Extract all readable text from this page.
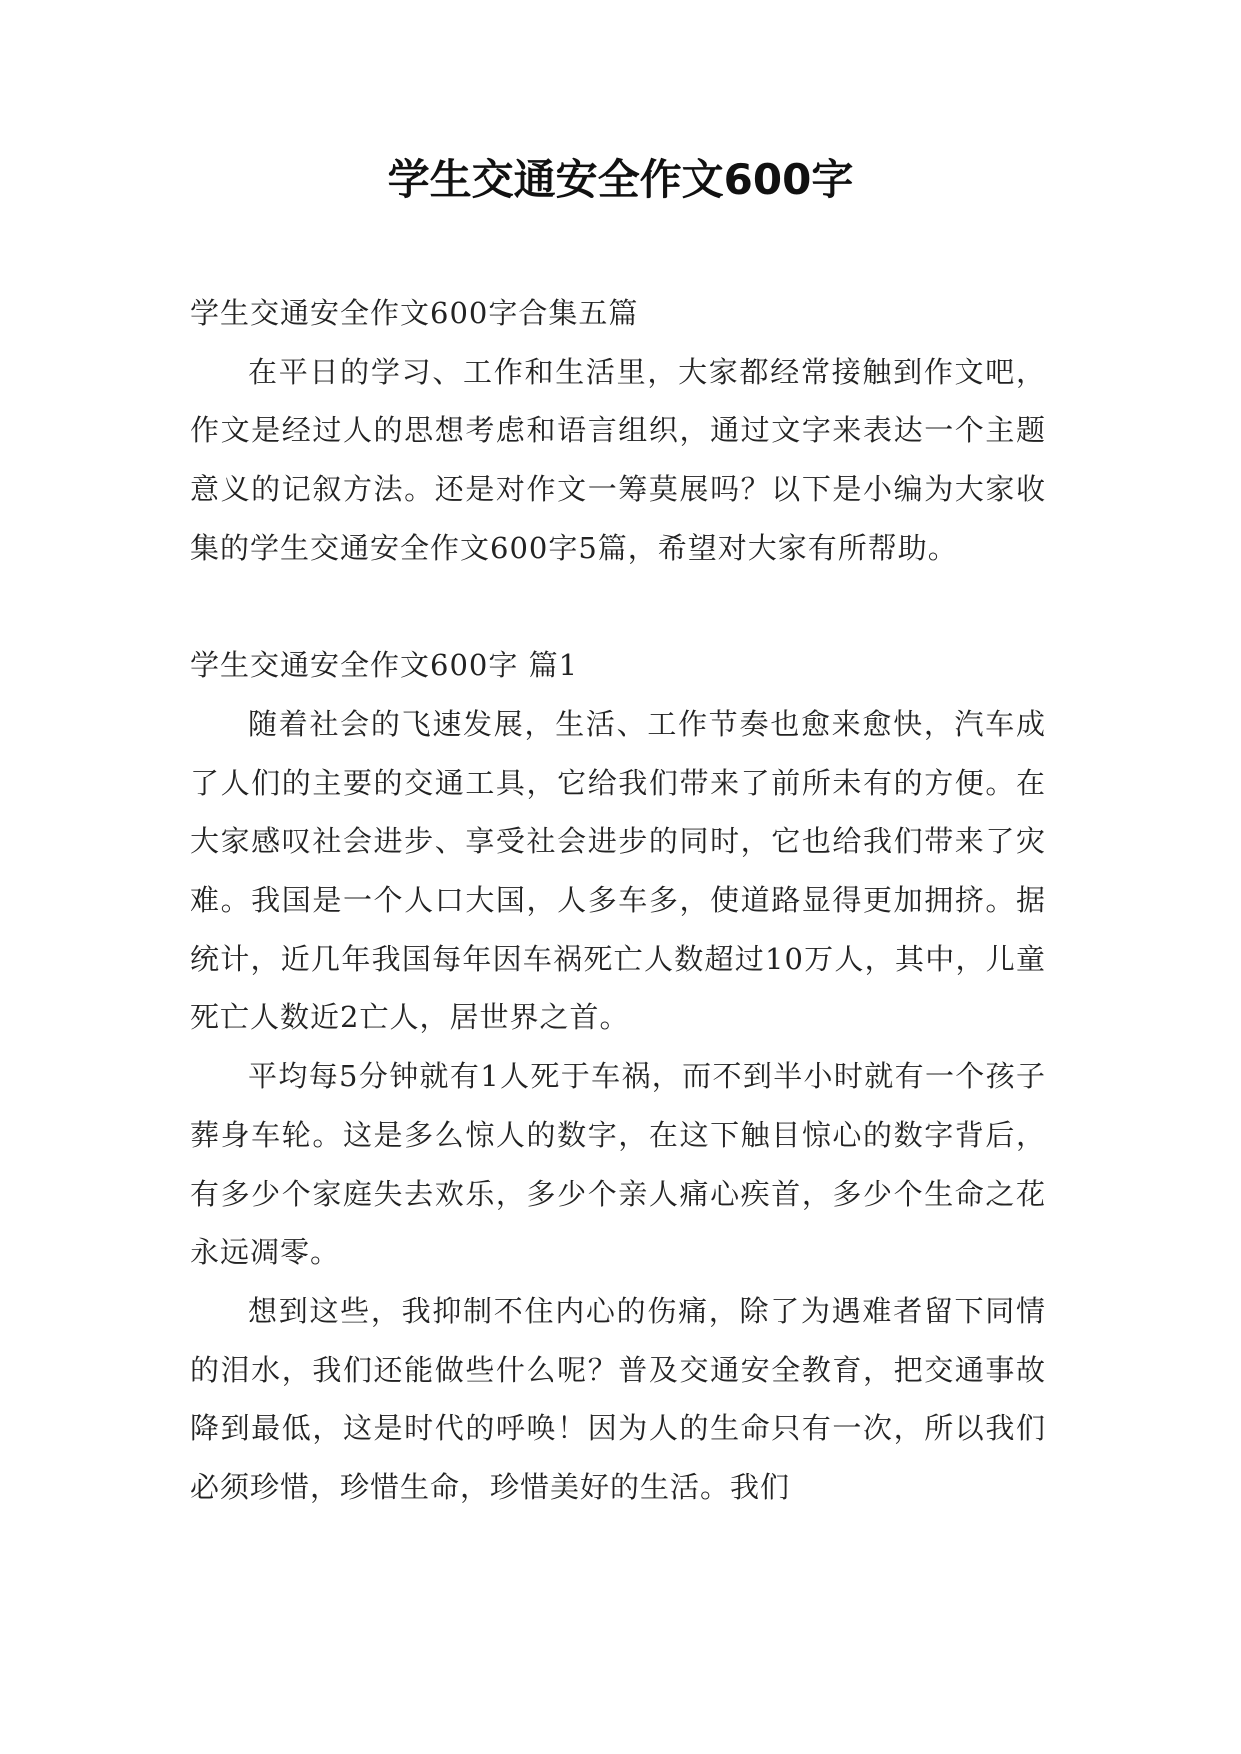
学生交通安全作文600字

学生交通安全作文600字合集五篇

在平日的学习、工作和生活里，大家都经常接触到作文吧，作文是经过人的思想考虑和语言组织，通过文字来表达一个主题意义的记叙方法。还是对作文一筹莫展吗？以下是小编为大家收集的学生交通安全作文600字5篇，希望对大家有所帮助。

学生交通安全作文600字 篇1

随着社会的飞速发展，生活、工作节奏也愈来愈快，汽车成了人们的主要的交通工具，它给我们带来了前所未有的方便。在大家感叹社会进步、享受社会进步的同时，它也给我们带来了灾难。我国是一个人口大国，人多车多，使道路显得更加拥挤。据统计，近几年我国每年因车祸死亡人数超过10万人，其中，儿童死亡人数近2亡人，居世界之首。

平均每5分钟就有1人死于车祸，而不到半小时就有一个孩子葬身车轮。这是多么惊人的数字，在这下触目惊心的数字背后，有多少个家庭失去欢乐，多少个亲人痛心疾首，多少个生命之花永远凋零。

想到这些，我抑制不住内心的伤痛，除了为遇难者留下同情的泪水，我们还能做些什么呢？普及交通安全教育，把交通事故降到最低，这是时代的呼唤！因为人的生命只有一次，所以我们必须珍惜，珍惜生命，珍惜美好的生活。我们
